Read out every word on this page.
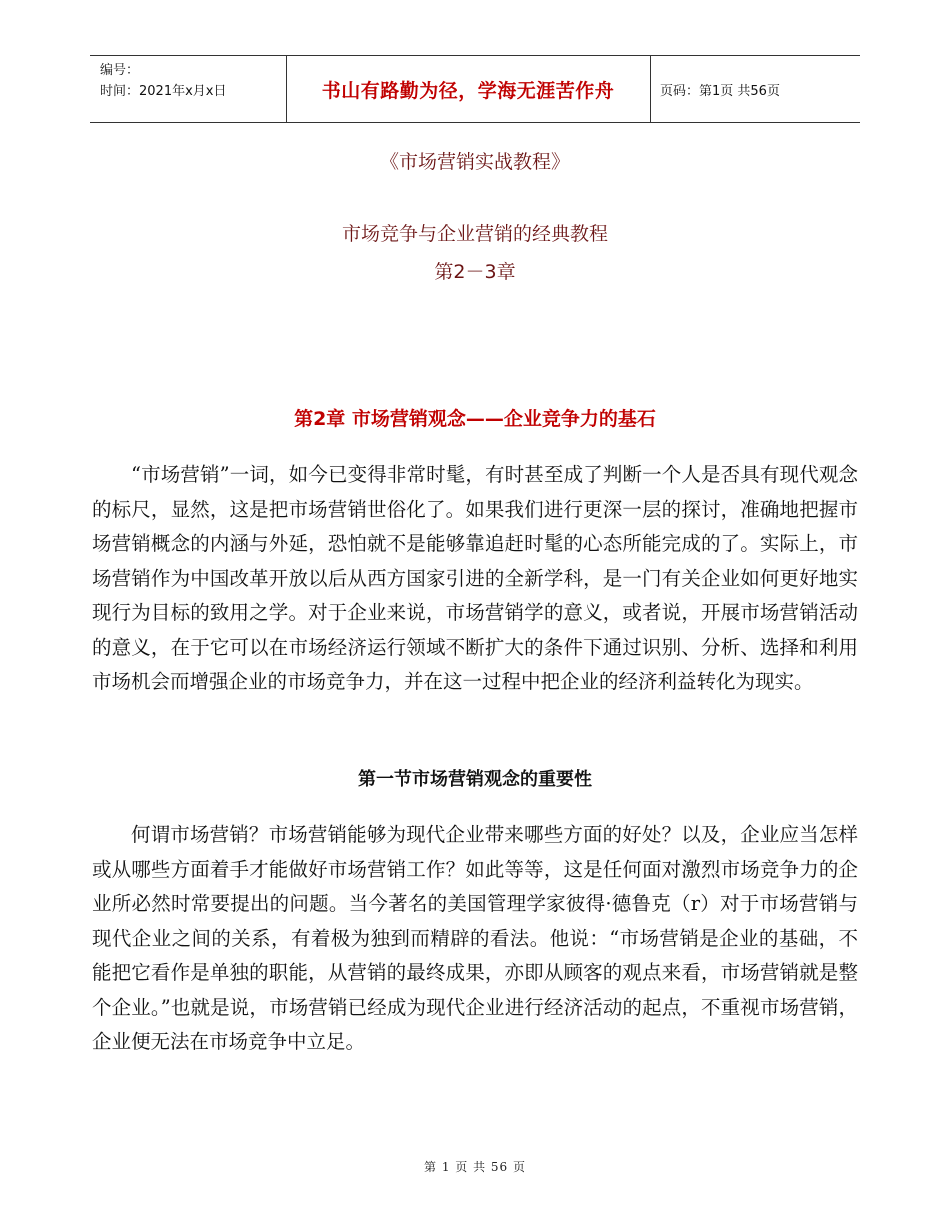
编号：
时间：2021年x月x日	书山有路勤为径，学海无涯苦作舟	页码：第1页 共56页
《市场营销实战教程》
市场竞争与企业营销的经典教程
第2－3章
第2章 市场营销观念——企业竞争力的基石
“市场营销”一词，如今已变得非常时髦，有时甚至成了判断一个人是否具有现代观念的标尺，显然，这是把市场营销世俗化了。如果我们进行更深一层的探讨，准确地把握市场营销概念的内涵与外延，恐怕就不是能够靠追赶时髦的心态所能完成的了。实际上，市场营销作为中国改革开放以后从西方国家引进的全新学科，是一门有关企业如何更好地实现行为目标的致用之学。对于企业来说，市场营销学的意义，或者说，开展市场营销活动的意义，在于它可以在市场经济运行领域不断扩大的条件下通过识别、分析、选择和利用市场机会而增强企业的市场竞争力，并在这一过程中把企业的经济利益转化为现实。
第一节市场营销观念的重要性
何谓市场营销？市场营销能够为现代企业带来哪些方面的好处？以及，企业应当怎样或从哪些方面着手才能做好市场营销工作？如此等等，这是任何面对激烈市场竞争力的企业所必然时常要提出的问题。当今著名的美国管理学家彼得·德鲁克（r）对于市场营销与现代企业之间的关系，有着极为独到而精辟的看法。他说：“市场营销是企业的基础，不能把它看作是单独的职能，从营销的最终成果，亦即从顾客的观点来看，市场营销就是整个企业。”也就是说，市场营销已经成为现代企业进行经济活动的起点，不重视市场营销，企业便无法在市场竞争中立足。
第 1 页 共 56 页
